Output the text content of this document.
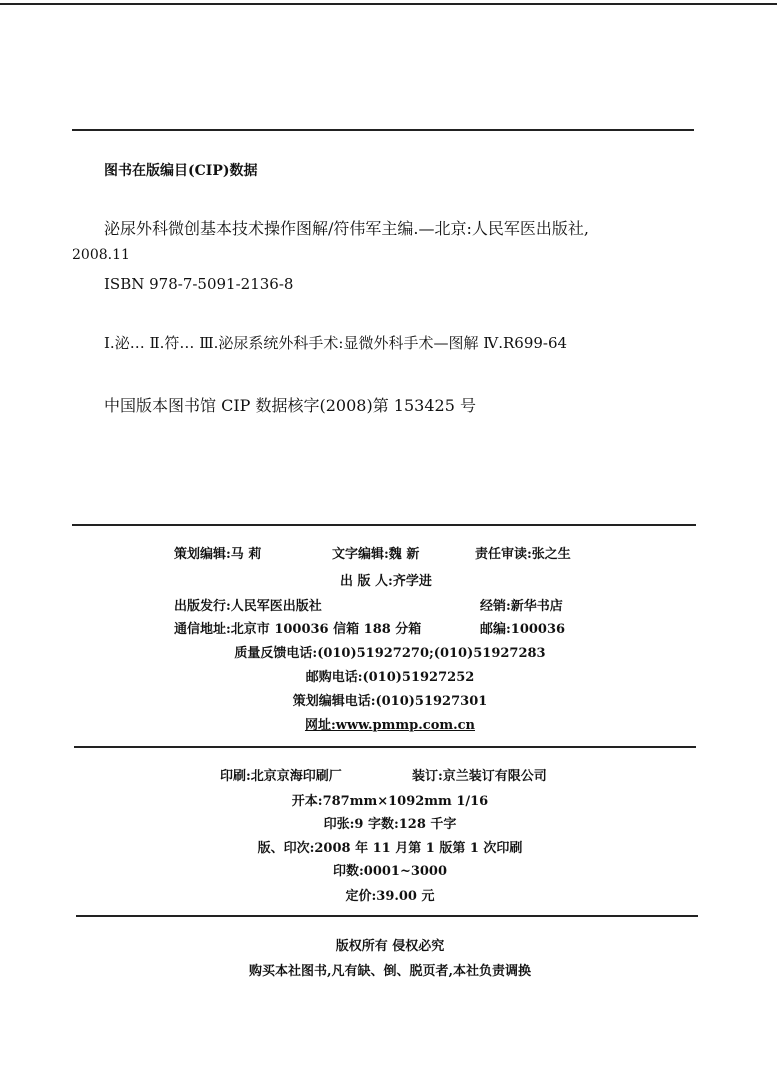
图书在版编目(CIP)数据
泌尿外科微创基本技术操作图解/符伟军主编.—北京:人民军医出版社,
2008.11
ISBN 978-7-5091-2136-8
Ⅰ.泌… Ⅱ.符… Ⅲ.泌尿系统外科手术:显微外科手术—图解 Ⅳ.R699-64
中国版本图书馆 CIP 数据核字(2008)第 153425 号
策划编辑:马 莉	文字编辑:魏 新	责任审读:张之生
出 版 人:齐学进
出版发行:人民军医出版社	经销:新华书店
通信地址:北京市 100036 信箱 188 分箱	邮编:100036
质量反馈电话:(010)51927270;(010)51927283
邮购电话:(010)51927252
策划编辑电话:(010)51927301
网址:www.pmmp.com.cn
印刷:北京京海印刷厂	装订:京兰装订有限公司
开本:787mm×1092mm 1/16
印张:9 字数:128 千字
版、印次:2008 年 11 月第 1 版第 1 次印刷
印数:0001~3000
定价:39.00 元
版权所有 侵权必究
购买本社图书,凡有缺、倒、脱页者,本社负责调换
